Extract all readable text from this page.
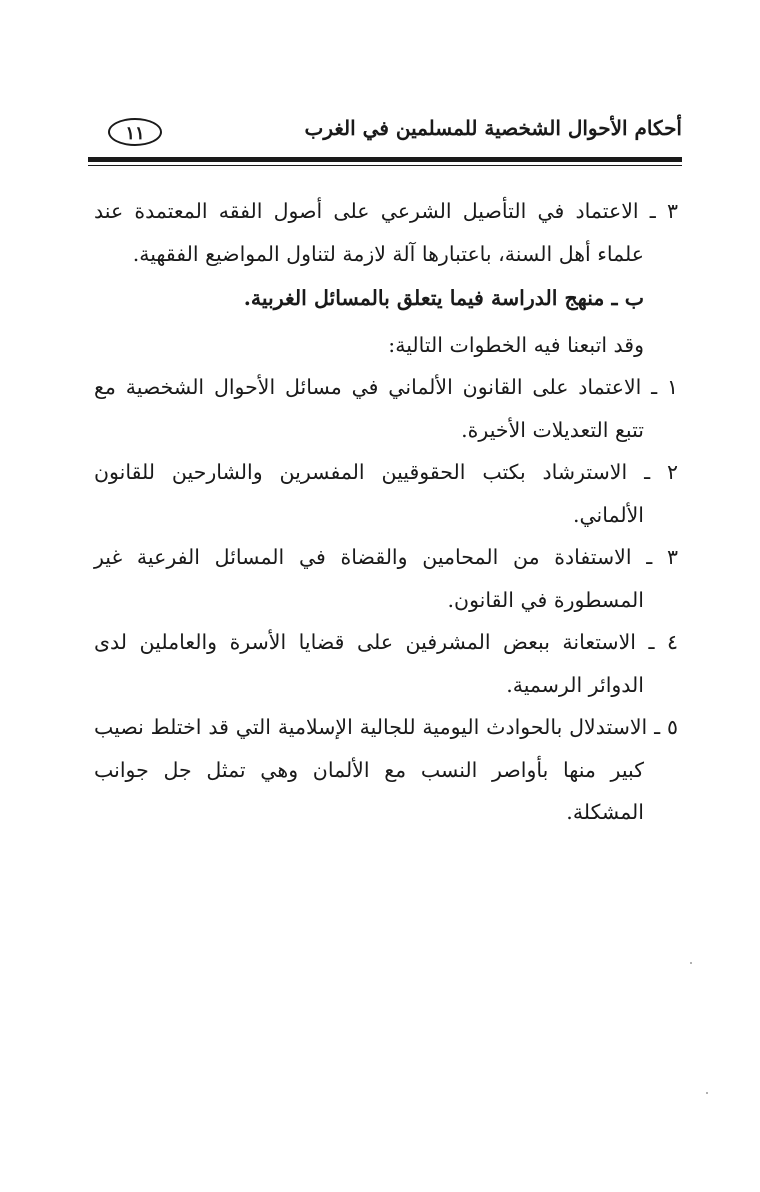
أحكام الأحوال الشخصية للمسلمين في الغرب
١١

٣ ـ الاعتماد في التأصيل الشرعي على أصول الفقه المعتمدة عند علماء أهل السنة، باعتبارها آلة لازمة لتناول المواضيع الفقهية.

ب ـ منهج الدراسة فيما يتعلق بالمسائل الغربية.

وقد اتبعنا فيه الخطوات التالية:

١ ـ الاعتماد على القانون الألماني في مسائل الأحوال الشخصية مع تتبع التعديلات الأخيرة.

٢ ـ الاسترشاد بكتب الحقوقيين المفسرين والشارحين للقانون الألماني.

٣ ـ الاستفادة من المحامين والقضاة في المسائل الفرعية غير المسطورة في القانون.

٤ ـ الاستعانة ببعض المشرفين على قضايا الأسرة والعاملين لدى الدوائر الرسمية.

٥ ـ الاستدلال بالحوادث اليومية للجالية الإسلامية التي قد اختلط نصيب كبير منها بأواصر النسب مع الألمان وهي تمثل جل جوانب المشكلة.
